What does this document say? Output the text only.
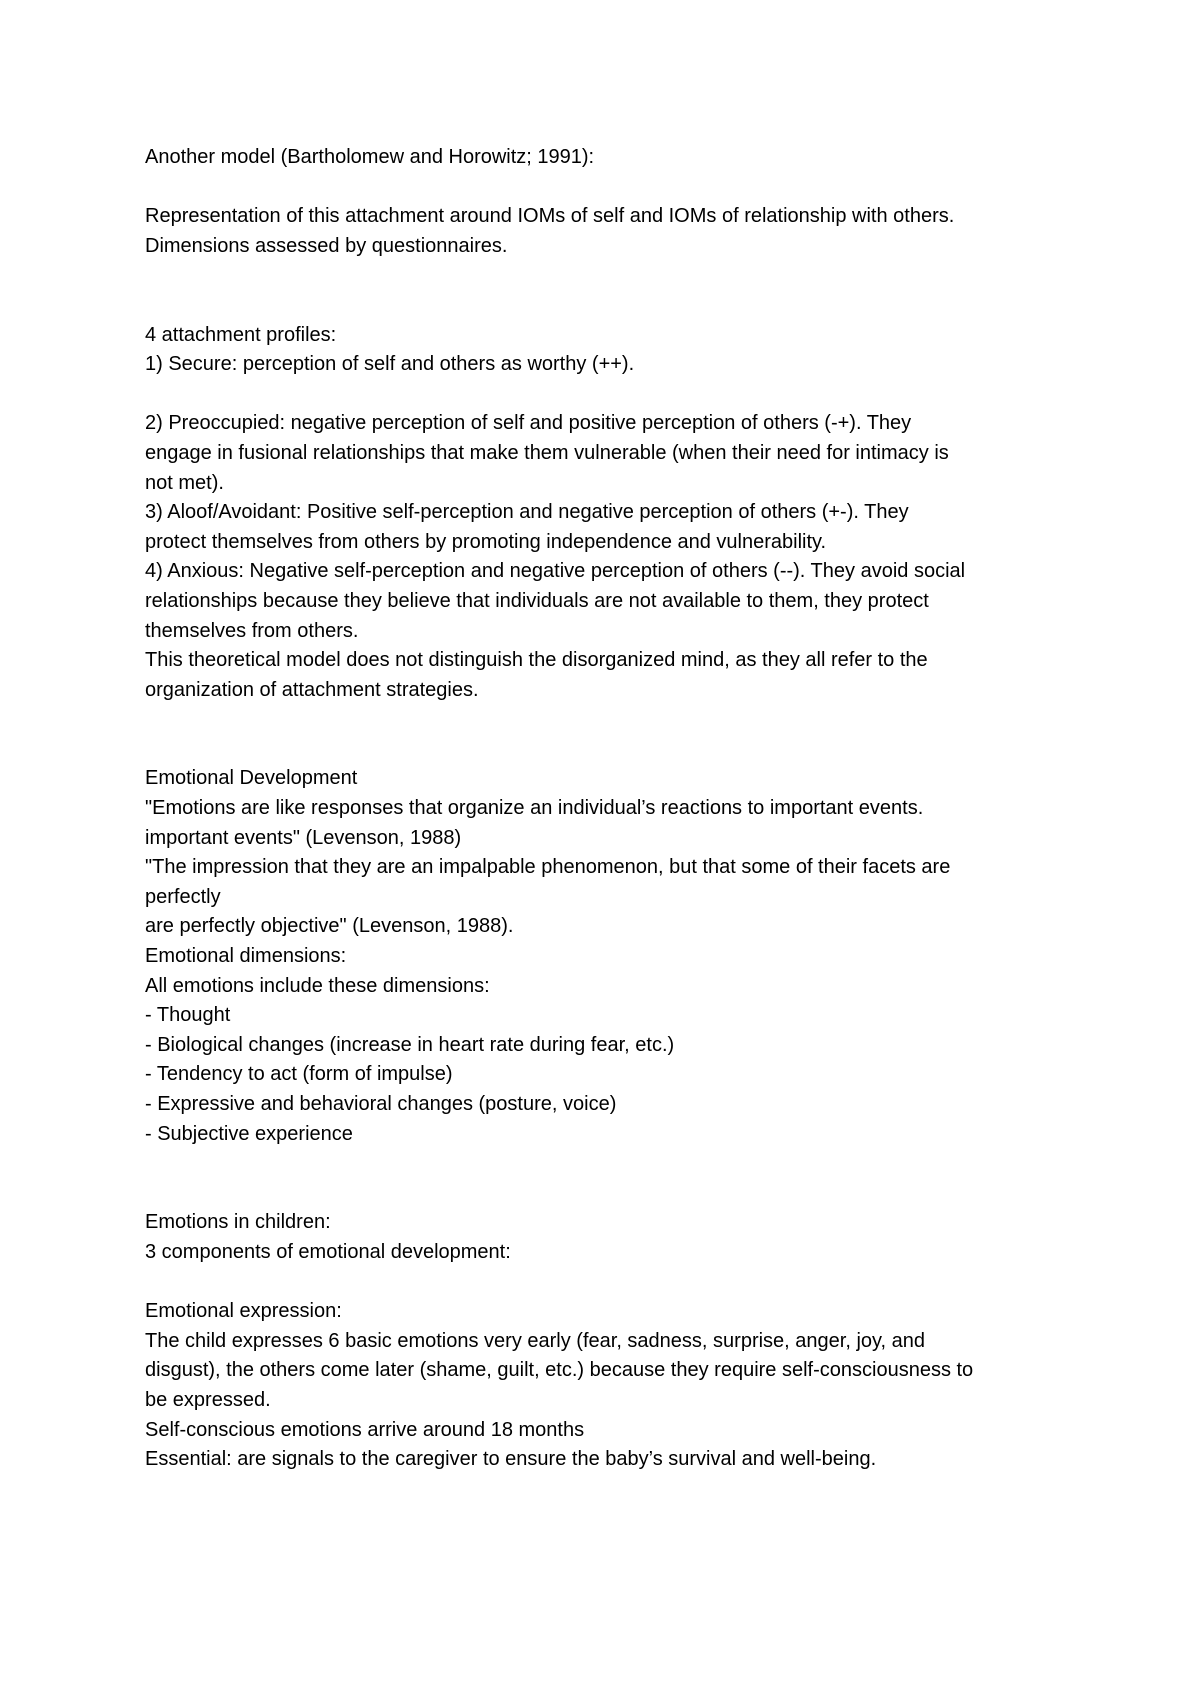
Another model (Bartholomew and Horowitz; 1991):
Representation of this attachment around IOMs of self and IOMs of relationship with others.
Dimensions assessed by questionnaires.
4 attachment profiles:
1) Secure: perception of self and others as worthy (++).
2) Preoccupied: negative perception of self and positive perception of others (-+). They
engage in fusional relationships that make them vulnerable (when their need for intimacy is
not met).
3) Aloof/Avoidant: Positive self-perception and negative perception of others (+-). They
protect themselves from others by promoting independence and vulnerability.
4) Anxious: Negative self-perception and negative perception of others (--). They avoid social
relationships because they believe that individuals are not available to them, they protect
themselves from others.
This theoretical model does not distinguish the disorganized mind, as they all refer to the
organization of attachment strategies.
Emotional Development
"Emotions are like responses that organize an individual’s reactions to important events.
important events" (Levenson, 1988)
"The impression that they are an impalpable phenomenon, but that some of their facets are
perfectly
are perfectly objective" (Levenson, 1988).
Emotional dimensions:
All emotions include these dimensions:
- Thought
- Biological changes (increase in heart rate during fear, etc.)
- Tendency to act (form of impulse)
- Expressive and behavioral changes (posture, voice)
- Subjective experience
Emotions in children:
3 components of emotional development:
Emotional expression:
The child expresses 6 basic emotions very early (fear, sadness, surprise, anger, joy, and
disgust), the others come later (shame, guilt, etc.) because they require self-consciousness to
be expressed.
Self-conscious emotions arrive around 18 months
Essential: are signals to the caregiver to ensure the baby’s survival and well-being.
